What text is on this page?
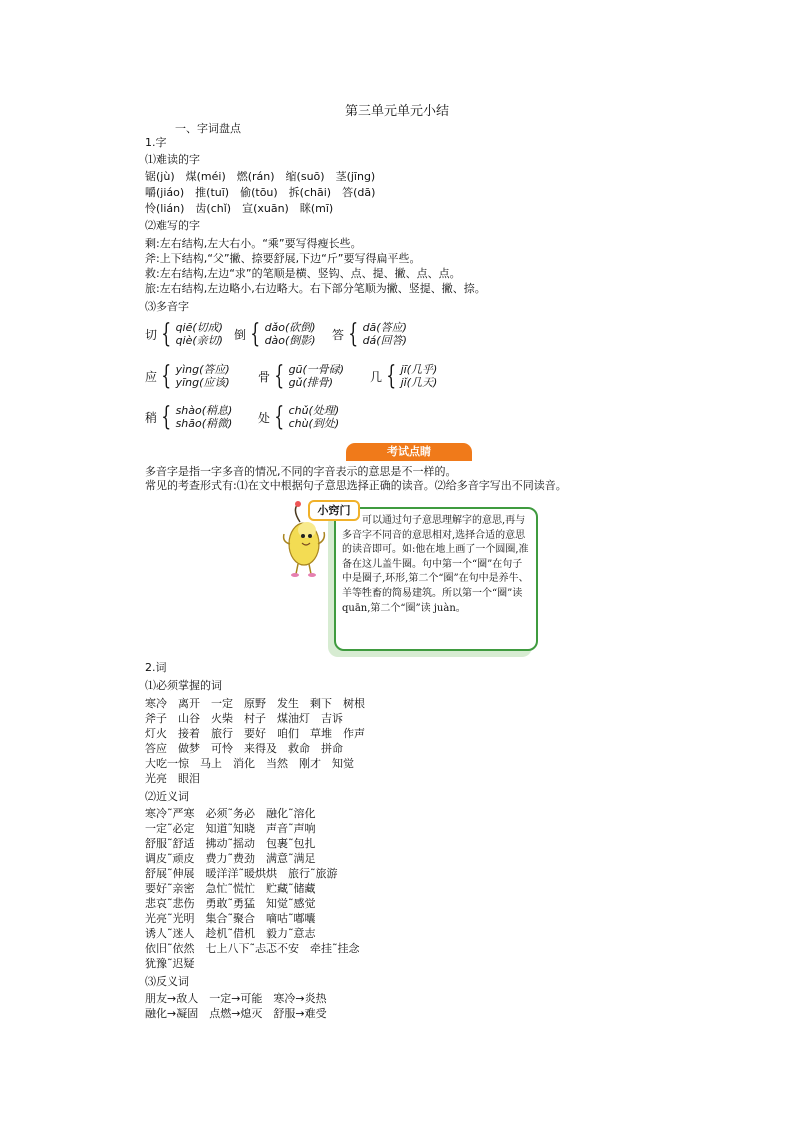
第三单元单元小结
一、字词盘点
1.字
⑴难读的字
锯(jù)　煤(méi)　燃(rán)　缩(suō)　茎(jīng)
嚼(jiáo)　推(tuī)　偷(tōu)　拆(chāi)　答(dā)
怜(lián)　齿(chǐ)　宣(xuān)　眯(mī)
⑵难写的字
剩:左右结构,左大右小。“乘”要写得瘦长些。
斧:上下结构,“父”撇、捺要舒展,下边“斤”要写得扁平些。
救:左右结构,左边“求”的笔顺是横、竖钩、点、提、撇、点、点。
旅:左右结构,左边略小,右边略大。右下部分笔顺为撇、竖提、撇、捺。
⑶多音字
切 { qiē(切成)
qiè(亲切) 倒 { dǎo(砍倒)
dào(倒影) 答 { dā(答应)
dá(回答)
应 { yìng(答应)
yīng(应该) 骨 { gū(一骨碌)
gǔ(排骨)	几 { jī(几乎)
jǐ(几天)
稍 { shào(稍息)
shāo(稍微) 处 { chǔ(处理)
chù(到处)
考试点睛
多音字是指一字多音的情况,不同的字音表示的意思是不一样的。
常见的考查形式有:⑴在文中根据句子意思选择正确的读音。⑵给多音字写出不同读音。
小窍门
　　可以通过句子意思理解字的意思,再与多音字不同音的意思相对,选择合适的意思的读音即可。如:他在地上画了一个圆圈,准备在这儿盖牛圈。句中第一个“圈”在句子中是圈子,环形,第二个“圈”在句中是养牛、羊等牲畜的简易建筑。所以第一个“圈”读 quān,第二个“圈”读 juàn。
2.词
⑴必须掌握的词
寒冷　离开　一定　原野　发生　剩下　树根
斧子　山谷　火柴　村子　煤油灯　吉诉
灯火　接着　旅行　要好　咱们　草堆　作声
答应　做梦　可怜　来得及　救命　拼命
大吃一惊　马上　消化　当然　刚才　知觉
光亮　眼泪
⑵近义词
寒冷˜严寒　必须˜务必　融化˜溶化
一定˜必定　知道˜知晓　声音˜声响
舒服˜舒适　拂动˜摇动　包裹˜包扎
调皮˜顽皮　费力˜费劲　满意˜满足
舒展˜伸展　暖洋洋˜暖烘烘　旅行˜旅游
要好˜亲密　急忙˜慌忙　贮藏˜储藏
悲哀˜悲伤　勇敢˜勇猛　知觉˜感觉
光亮˜光明　集合˜聚合　嘀咕˜嘟囔
诱人˜迷人　趁机˜借机　毅力˜意志
依旧˜依然　七上八下˜忐忑不安　牵挂˜挂念
犹豫˜迟疑
⑶反义词
朋友→敌人　一定→可能　寒冷→炎热
融化→凝固　点燃→熄灭　舒服→难受
